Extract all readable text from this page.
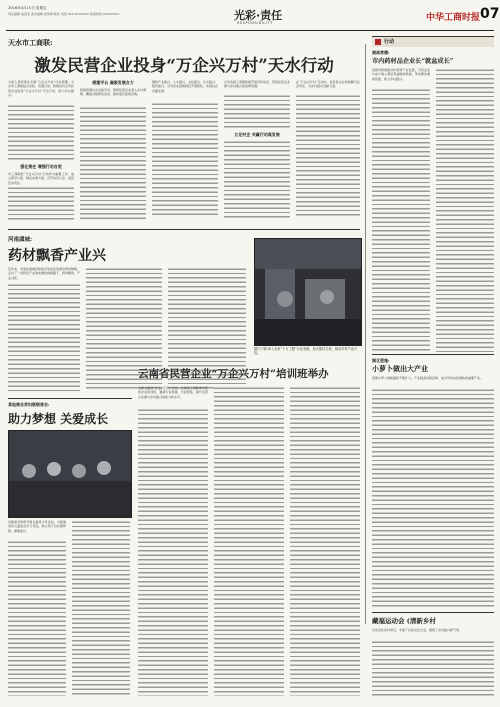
2016年4月15日 星期五
责任编辑 翁绍金 美术编辑 高雪梅 联系 电话:010-XXXXXXX 新闻热线:XXXXXXXX	光彩·责任
RESPONSIBILITY	中华工商时报 07
天水市工商联:
激发民营企业投身“万企兴万村”天水行动
为深入贯彻落实全国“万企兴万村”行动部署，天水市工商联结合实际，迅速行动，积极动员全市民营企业投身“万企兴万村”天水行动，助力乡村振兴。
强化责任 增强行动自觉
市工商联把“万企兴万村”行动作为重要工作，成立领导小组，制定实施方案，召开动员大会，层层压实责任。
搭建平台 凝聚发展合力
积极搭建村企对接平台，组织民营企业深入乡村调研，精准对接帮扶需求，推动项目落地见效。
围绕产业振兴、人才振兴、文化振兴、生态振兴、组织振兴，引导企业因地制宜开展帮扶，实现村企共赢发展。
全市各级工商联积极开展宣传动员，营造民营企业参与乡村振兴的浓厚氛围。
立足村企 共赢行动谋发展
在“万企兴万村”行动中，各民营企业积极履行社会责任，为乡村振兴贡献力量。
河南虞城:
药材飘香产业兴
近年来，河南省虞城县积极引导农民发展中药材种植，走出了一条特色产业助农增收的新路子，药材飘香，产业兴旺。
浙江宁波:举入农家“十万工程”行业发展，加大帮扶力度，推动乡村产业兴旺。
某地商业界妇联联席会:
助力梦想 关爱成长
该联席会积极开展关爱青少年活动，为困难家庭儿童送去学习用品，助力孩子们实现梦想，健康成长。
云南省民营企业“万企兴万村”培训班举办
为深入推进“万企兴万村”行动，云南省工商联举办民营企业培训班，邀请专家授课，交流经验，提升民营企业参与乡村振兴的能力和水平。
行动
湖南常德:
市内药材品企业长“就盆成长”
常德市积极推动中药材产业发展，引导企业与农户建立紧密利益联结机制，带动群众增收致富，助力乡村振兴。
湖北恩施:
小萝卜做出大产业
恩施小萝卜种植面积不断扩大，产业链条持续延伸，成为带动农民增收的重要产业。
藏福运动会 (清新乡村
运动会在乡村举行，丰富了村民文化生活，展现了乡村振兴新气象。
